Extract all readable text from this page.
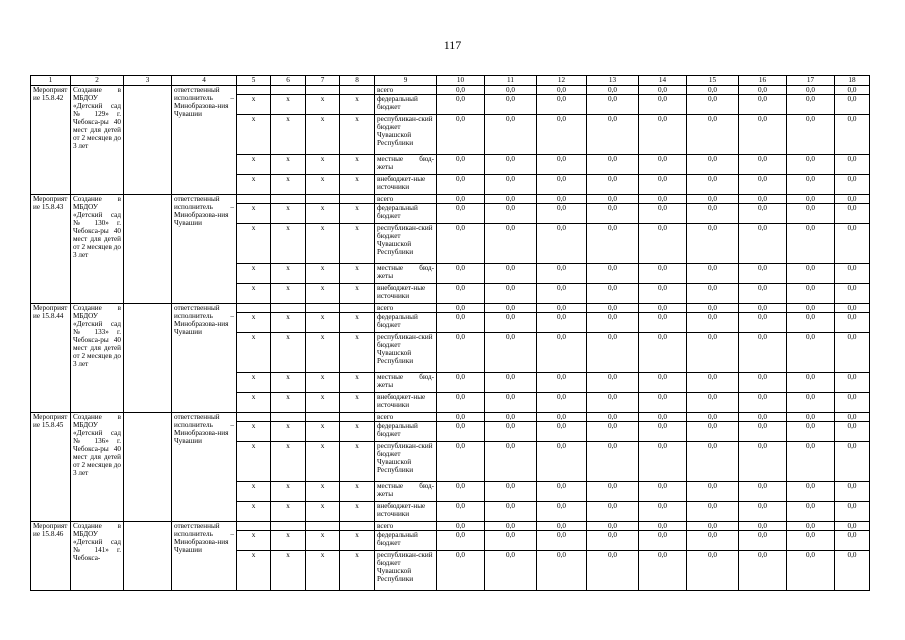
117
1	2	3	4	5	6	7	8	9	10	11	12	13	14	15	16	17	18
Мероприятие 15.8.42	Создание в МБДОУ «Детский сад № 129» г. Чебокса-ры 40 мест для детей от 2 месяцев до 3 лет		ответственный исполнитель – Минобразова-ния Чувашии					всего	0,0	0,0	0,0	0,0	0,0	0,0	0,0	0,0	0,0
				x	x	x	x	федеральный бюджет	0,0	0,0	0,0	0,0	0,0	0,0	0,0	0,0	0,0
				x	x	x	x	республикан-ский бюджет Чувашской Республики	0,0	0,0	0,0	0,0	0,0	0,0	0,0	0,0	0,0
				x	x	x	x	местные бюд-жеты	0,0	0,0	0,0	0,0	0,0	0,0	0,0	0,0	0,0
				x	x	x	x	внебюджет-ные источники	0,0	0,0	0,0	0,0	0,0	0,0	0,0	0,0	0,0
Мероприятие 15.8.43	Создание в МБДОУ «Детский сад № 130» г. Чебокса-ры 40 мест для детей от 2 месяцев до 3 лет		ответственный исполнитель – Минобразова-ния Чувашии					всего	0,0	0,0	0,0	0,0	0,0	0,0	0,0	0,0	0,0
				x	x	x	x	федеральный бюджет	0,0	0,0	0,0	0,0	0,0	0,0	0,0	0,0	0,0
				x	x	x	x	республикан-ский бюджет Чувашской Республики	0,0	0,0	0,0	0,0	0,0	0,0	0,0	0,0	0,0
				x	x	x	x	местные бюд-жеты	0,0	0,0	0,0	0,0	0,0	0,0	0,0	0,0	0,0
				x	x	x	x	внебюджет-ные источники	0,0	0,0	0,0	0,0	0,0	0,0	0,0	0,0	0,0
Мероприятие 15.8.44	Создание в МБДОУ «Детский сад № 133» г. Чебокса-ры 40 мест для детей от 2 месяцев до 3 лет		ответственный исполнитель – Минобразова-ния Чувашии					всего	0,0	0,0	0,0	0,0	0,0	0,0	0,0	0,0	0,0
				x	x	x	x	федеральный бюджет	0,0	0,0	0,0	0,0	0,0	0,0	0,0	0,0	0,0
				x	x	x	x	республикан-ский бюджет Чувашской Республики	0,0	0,0	0,0	0,0	0,0	0,0	0,0	0,0	0,0
				x	x	x	x	местные бюд-жеты	0,0	0,0	0,0	0,0	0,0	0,0	0,0	0,0	0,0
				x	x	x	x	внебюджет-ные источники	0,0	0,0	0,0	0,0	0,0	0,0	0,0	0,0	0,0
Мероприятие 15.8.45	Создание в МБДОУ «Детский сад № 136» г. Чебокса-ры 40 мест для детей от 2 месяцев до 3 лет		ответственный исполнитель – Минобразова-ния Чувашии					всего	0,0	0,0	0,0	0,0	0,0	0,0	0,0	0,0	0,0
				x	x	x	x	федеральный бюджет	0,0	0,0	0,0	0,0	0,0	0,0	0,0	0,0	0,0
				x	x	x	x	республикан-ский бюджет Чувашской Республики	0,0	0,0	0,0	0,0	0,0	0,0	0,0	0,0	0,0
				x	x	x	x	местные бюд-жеты	0,0	0,0	0,0	0,0	0,0	0,0	0,0	0,0	0,0
				x	x	x	x	внебюджет-ные источники	0,0	0,0	0,0	0,0	0,0	0,0	0,0	0,0	0,0
Мероприятие 15.8.46	Создание в МБДОУ «Детский сад № 141» г. Чебокса-		ответственный исполнитель – Минобразова-ния Чувашии					всего	0,0	0,0	0,0	0,0	0,0	0,0	0,0	0,0	0,0
				x	x	x	x	федеральный бюджет	0,0	0,0	0,0	0,0	0,0	0,0	0,0	0,0	0,0
				x	x	x	x	республикан-ский бюджет Чувашской Республики	0,0	0,0	0,0	0,0	0,0	0,0	0,0	0,0	0,0
